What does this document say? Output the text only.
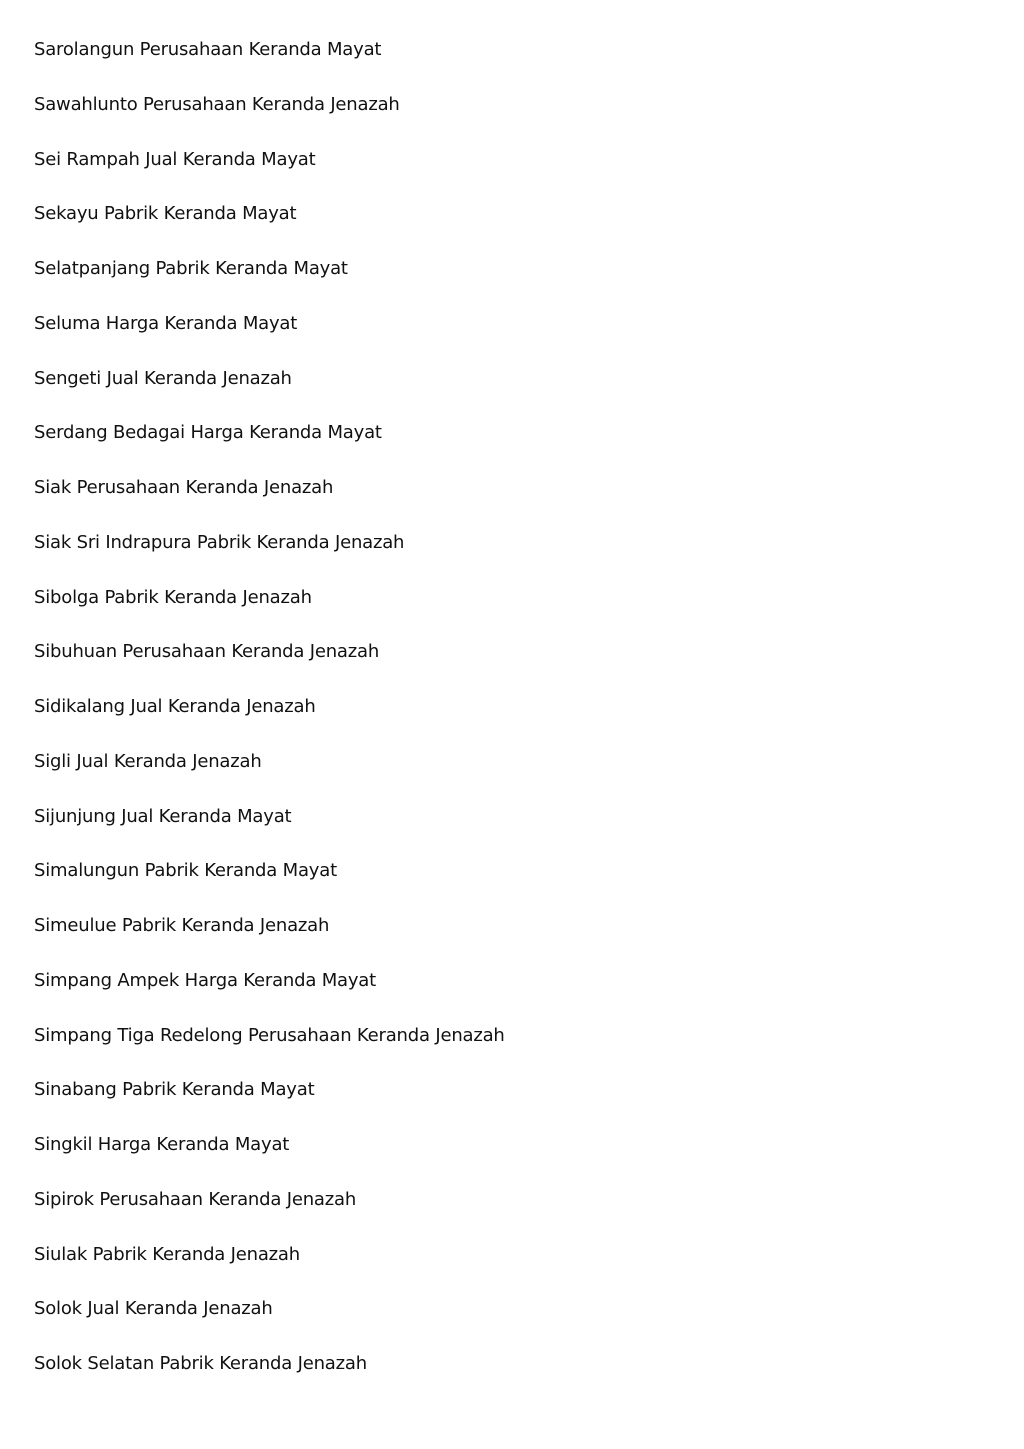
Sarolangun Perusahaan Keranda Mayat
Sawahlunto Perusahaan Keranda Jenazah
Sei Rampah Jual Keranda Mayat
Sekayu Pabrik Keranda Mayat
Selatpanjang Pabrik Keranda Mayat
Seluma Harga Keranda Mayat
Sengeti Jual Keranda Jenazah
Serdang Bedagai Harga Keranda Mayat
Siak Perusahaan Keranda Jenazah
Siak Sri Indrapura Pabrik Keranda Jenazah
Sibolga Pabrik Keranda Jenazah
Sibuhuan Perusahaan Keranda Jenazah
Sidikalang Jual Keranda Jenazah
Sigli Jual Keranda Jenazah
Sijunjung Jual Keranda Mayat
Simalungun Pabrik Keranda Mayat
Simeulue Pabrik Keranda Jenazah
Simpang Ampek Harga Keranda Mayat
Simpang Tiga Redelong Perusahaan Keranda Jenazah
Sinabang Pabrik Keranda Mayat
Singkil Harga Keranda Mayat
Sipirok Perusahaan Keranda Jenazah
Siulak Pabrik Keranda Jenazah
Solok Jual Keranda Jenazah
Solok Selatan Pabrik Keranda Jenazah
